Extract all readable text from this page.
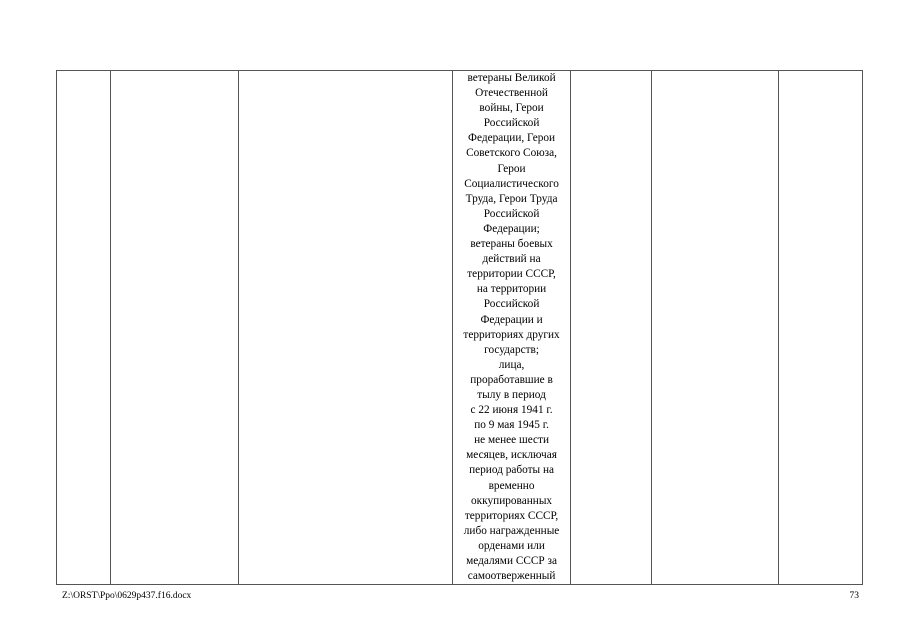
ветераны Великой
Отечественной
войны, Герои
Российской
Федерации, Герои
Советского Союза,
Герои
Социалистического
Труда, Герои Труда
Российской
Федерации;
ветераны боевых
действий на
территории СССР,
на территории
Российской
Федерации и
территориях других
государств;
лица,
проработавшие в
тылу в период
с 22 июня 1941 г.
по 9 мая 1945 г.
не менее шести
месяцев, исключая
период работы на
временно
оккупированных
территориях СССР,
либо награжденные
орденами или
медалями СССР за
самоотверженный

Z:\ORST\Ppo\0629p437.f16.docx	73
